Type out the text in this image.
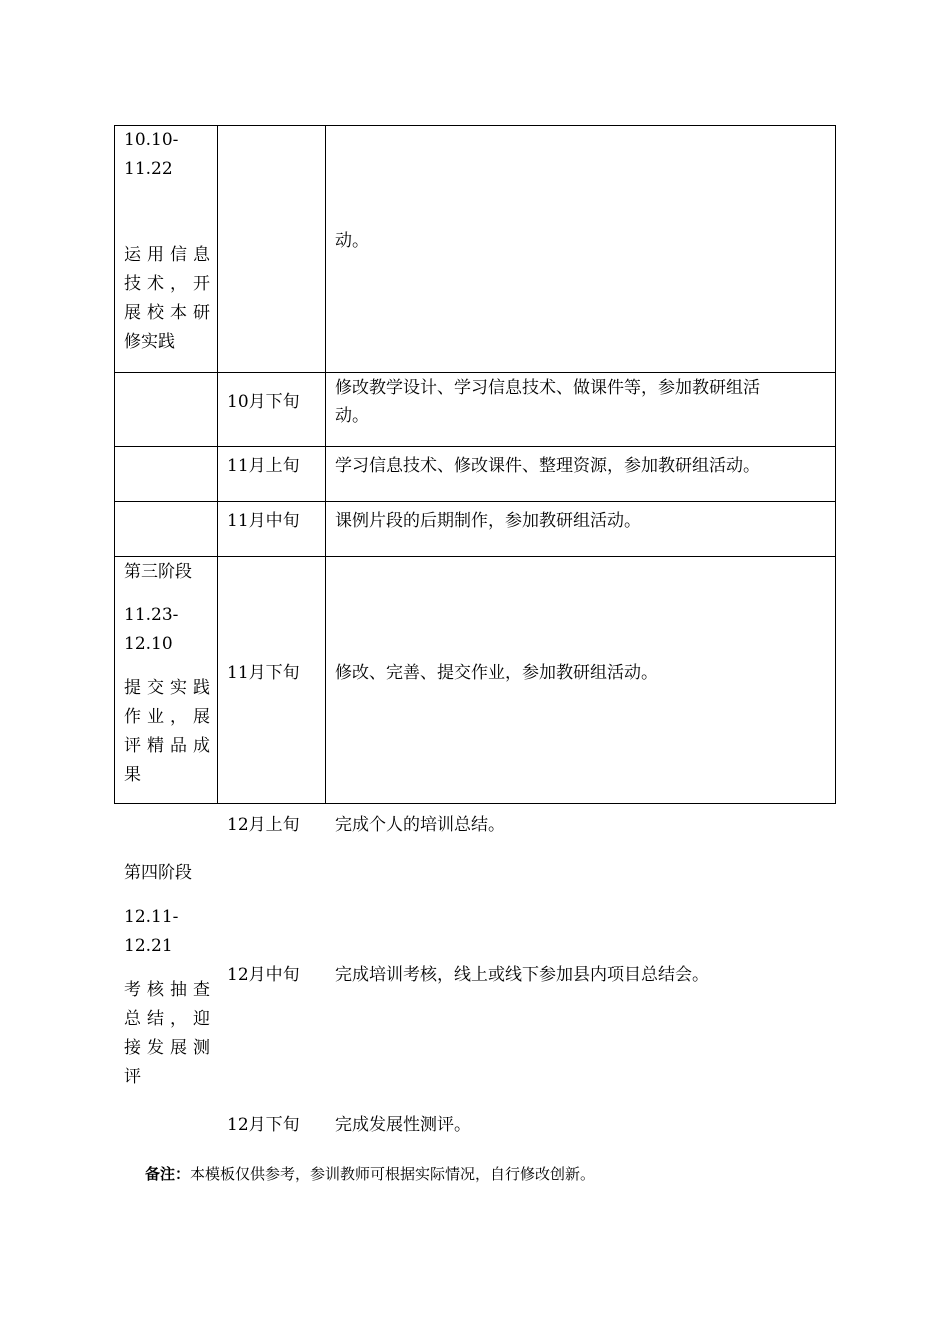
10.10-
11.22
运用信息
技术，开
展校本研
修实践
动。
10月下旬
修改教学设计、学习信息技术、做课件等，参加教研组活
动。
11月上旬 学习信息技术、修改课件、整理资源，参加教研组活动。
11月中旬 课例片段的后期制作，参加教研组活动。
第三阶段
11.23-
12.10
提交实践
作业，展
评精品成
果
11月下旬 修改、完善、提交作业，参加教研组活动。
12月上旬 完成个人的培训总结。
第四阶段
12.11-
12.21
考核抽查
总结，迎
接发展测
评
12月中旬 完成培训考核，线上或线下参加县内项目总结会。
12月下旬 完成发展性测评。
备注：本模板仅供参考，参训教师可根据实际情况，自行修改创新。
